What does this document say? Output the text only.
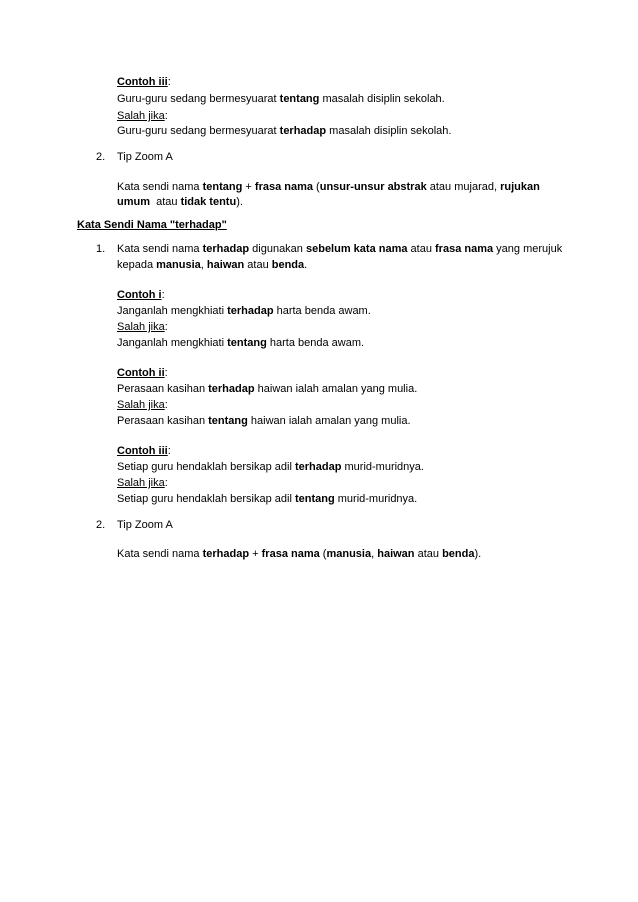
Contoh iii:
Guru-guru sedang bermesyuarat tentang masalah disiplin sekolah.
Salah jika:
Guru-guru sedang bermesyuarat terhadap masalah disiplin sekolah.
2. Tip Zoom A
Kata sendi nama tentang + frasa nama (unsur-unsur abstrak atau mujarad, rujukan
umum  atau tidak tentu).
Kata Sendi Nama "terhadap"
1. Kata sendi nama terhadap digunakan sebelum kata nama atau frasa nama yang merujuk
kepada manusia, haiwan atau benda.
Contoh i:
Janganlah mengkhiati terhadap harta benda awam.
Salah jika:
Janganlah mengkhiati tentang harta benda awam.
Contoh ii:
Perasaan kasihan terhadap haiwan ialah amalan yang mulia.
Salah jika:
Perasaan kasihan tentang haiwan ialah amalan yang mulia.
Contoh iii:
Setiap guru hendaklah bersikap adil terhadap murid-muridnya.
Salah jika:
Setiap guru hendaklah bersikap adil tentang murid-muridnya.
2. Tip Zoom A
Kata sendi nama terhadap + frasa nama (manusia, haiwan atau benda).
